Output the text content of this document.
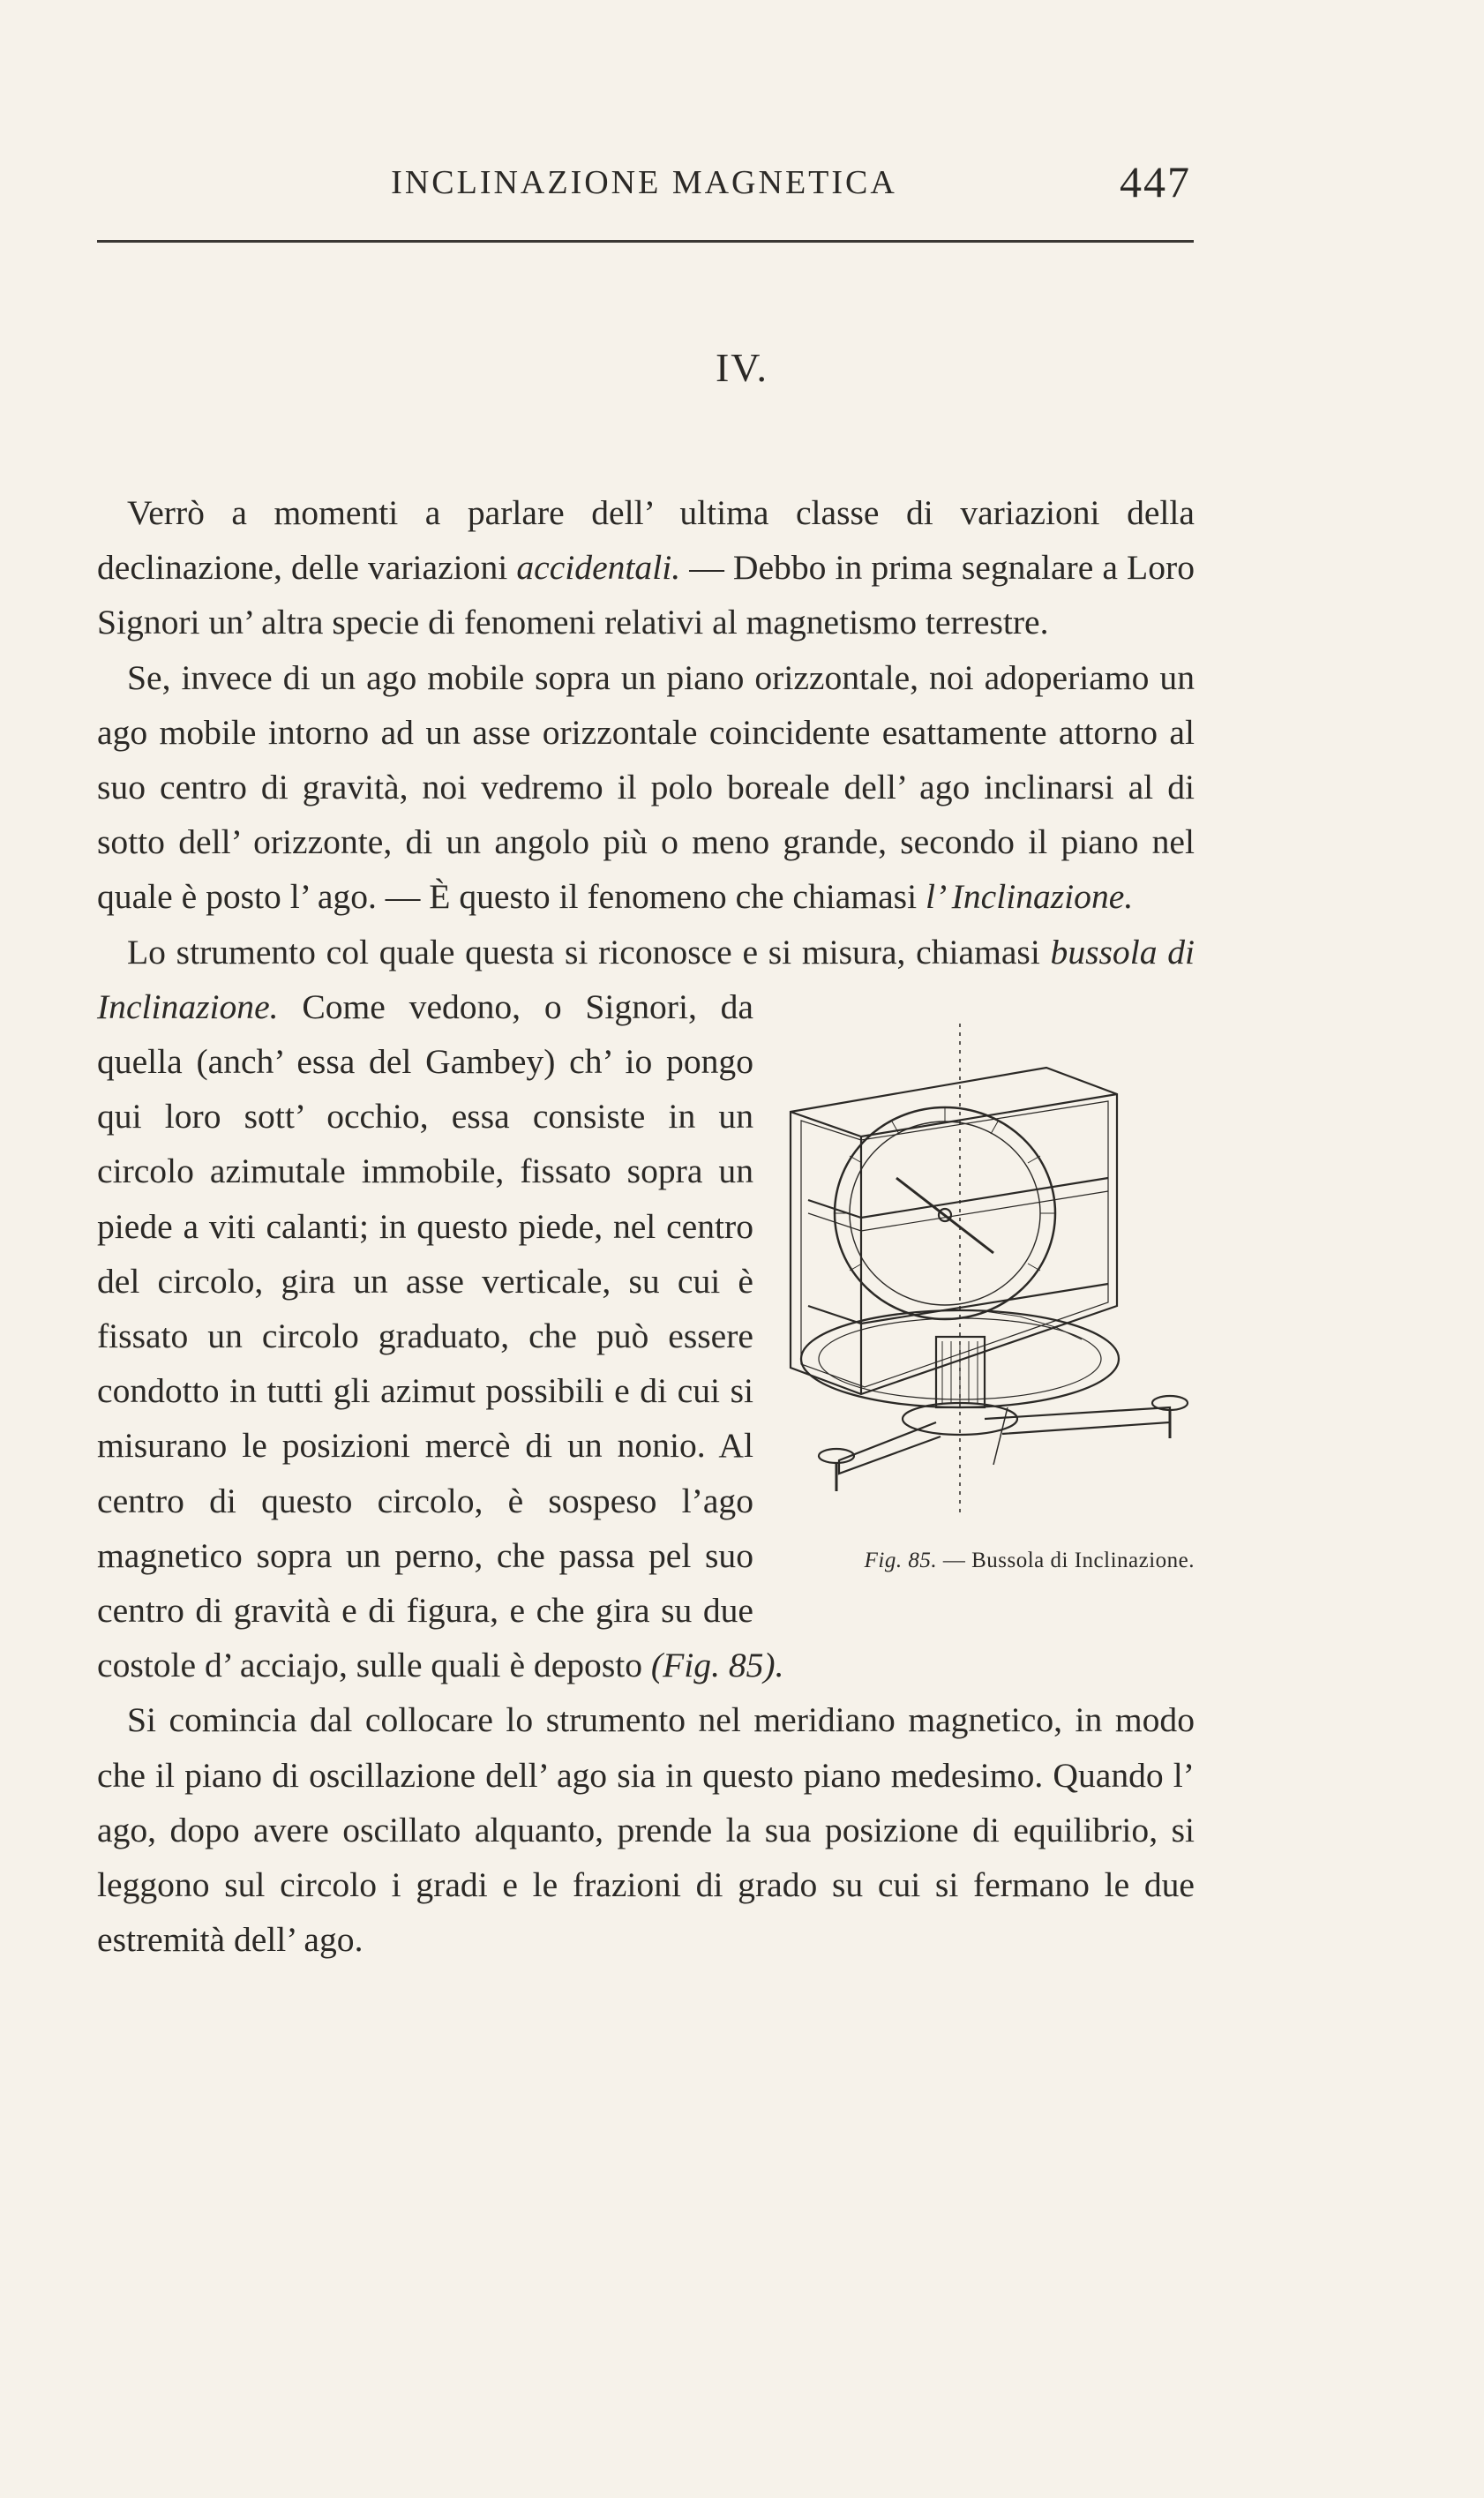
INCLINAZIONE MAGNETICA	447
IV.

Verrò a momenti a parlare dell’ ultima classe di variazioni della declinazione, delle variazioni accidentali. — Debbo in prima segnalare a Loro Signori un’ altra specie di fenomeni relativi al magnetismo terrestre.

Se, invece di un ago mobile sopra un piano orizzontale, noi adoperiamo un ago mobile intorno ad un asse orizzontale coincidente esattamente attorno al suo centro di gravità, noi vedremo il polo boreale dell’ ago inclinarsi al di sotto dell’ orizzonte, di un angolo più o meno grande, secondo il piano nel quale è posto l’ ago. — È questo il fenomeno che chiamasi l’ Inclinazione.

Lo strumento col quale questa si riconosce e si misura, chiamasi bussola di Inclinazione.
Fig. 85. — Bussola di Inclinazione.
Come vedono, o Signori, da quella (anch’ essa del Gambey) ch’ io pongo qui loro sott’ occhio, essa consiste in un circolo azimutale immobile, fissato sopra un piede a viti calanti; in questo piede, nel centro del circolo, gira un asse verticale, su cui è fissato un circolo graduato, che può essere condotto in tutti gli azimut possibili e di cui si misurano le posizioni mercè di un nonio. Al centro di questo circolo, è sospeso l’ago magnetico sopra un perno, che passa pel suo centro di gravità e di figura, e che gira su due costole d’ acciajo, sulle quali è deposto (Fig. 85).

Si comincia dal collocare lo strumento nel meridiano magnetico, in modo che il piano di oscillazione dell’ ago sia in questo piano medesimo. Quando l’ ago, dopo avere oscillato alquanto, prende la sua posizione di equilibrio, si leggono sul circolo i gradi e le frazioni di grado su cui si fermano le due estremità dell’ ago.
